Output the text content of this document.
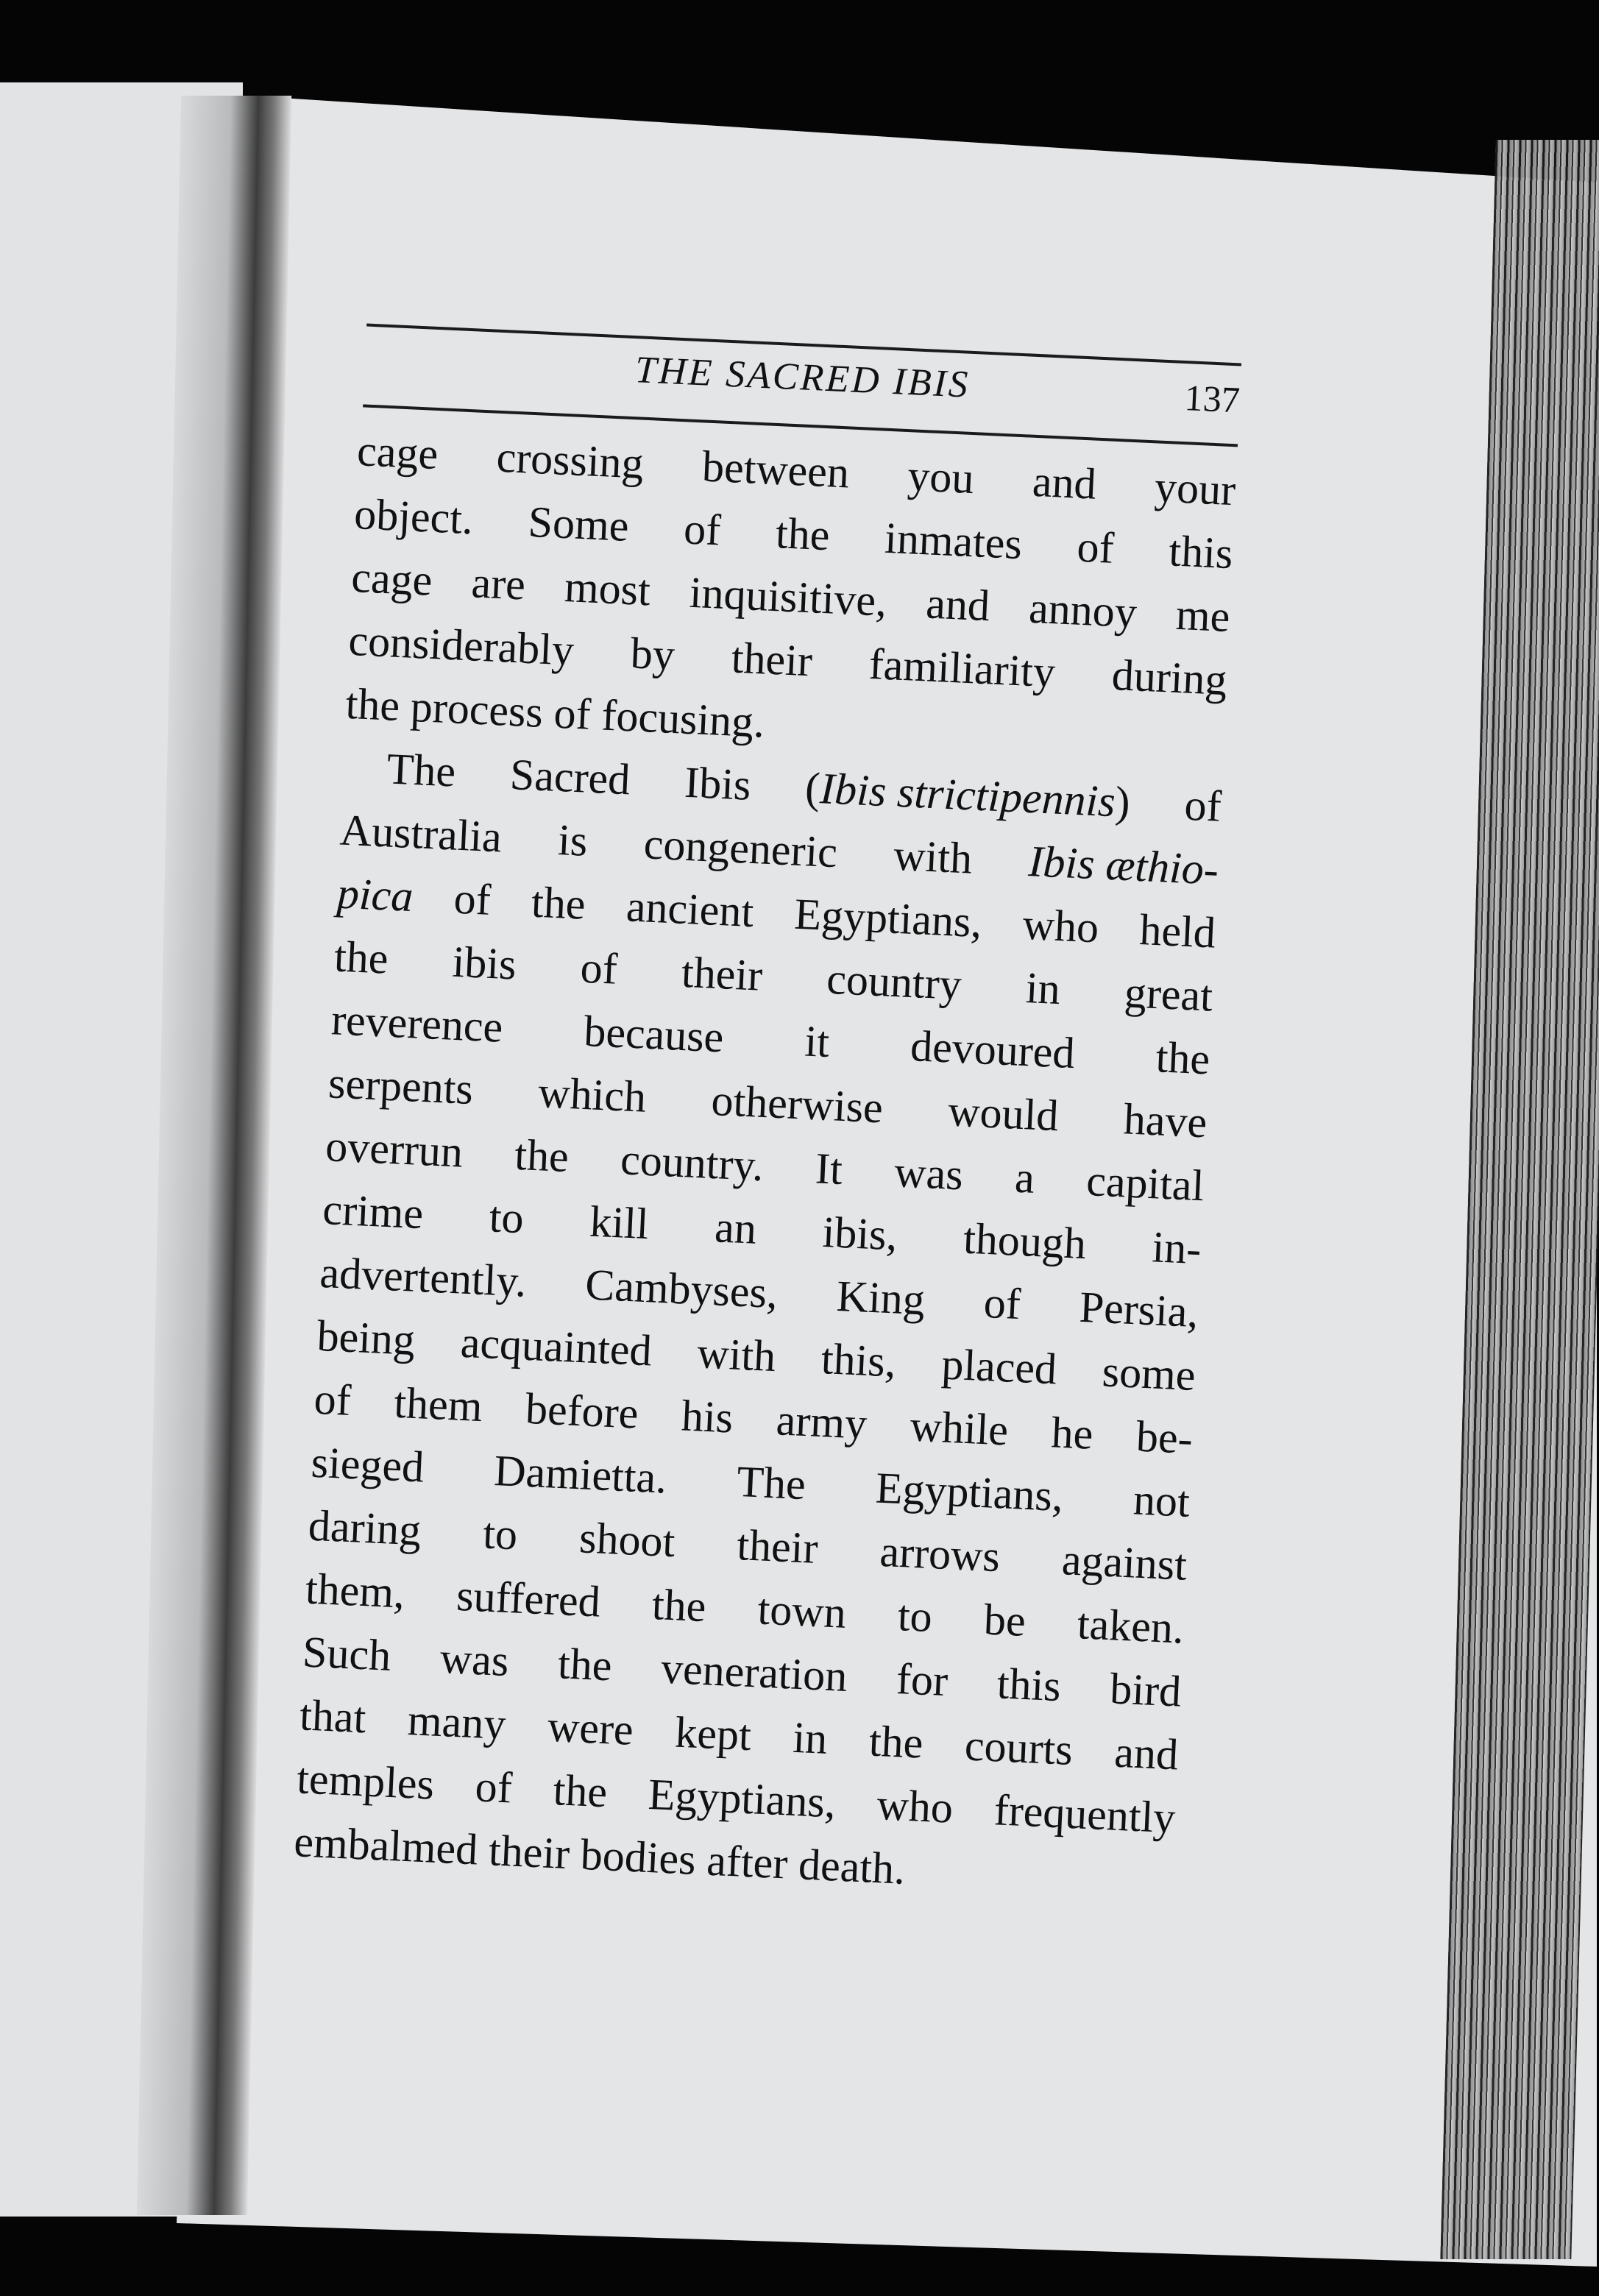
THE SACRED IBIS	137
cage crossing between you and your
object. Some of the inmates of this
cage are most inquisitive, and annoy me
considerably by their familiarity during
the process of focusing.
The Sacred Ibis (Ibis strictipennis) of
Australia is congeneric with Ibis æthio-
pica of the ancient Egyptians, who held
the ibis of their country in great
reverence because it devoured the
serpents which otherwise would have
overrun the country. It was a capital
crime to kill an ibis, though in-
advertently. Cambyses, King of Persia,
being acquainted with this, placed some
of them before his army while he be-
sieged Damietta. The Egyptians, not
daring to shoot their arrows against
them, suffered the town to be taken.
Such was the veneration for this bird
that many were kept in the courts and
temples of the Egyptians, who frequently
embalmed their bodies after death.
